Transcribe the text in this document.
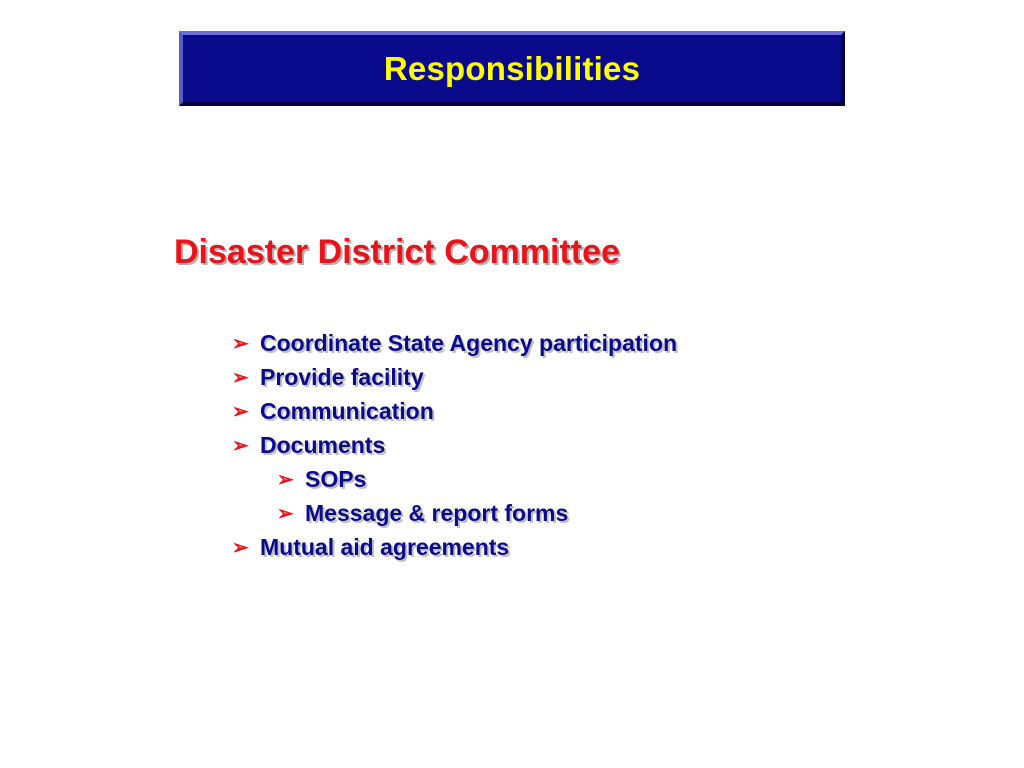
Responsibilities
Disaster District Committee
➢ Coordinate State Agency participation
➢ Provide facility
➢ Communication
➢ Documents
➢ SOPs
➢ Message & report forms
➢ Mutual aid agreements
